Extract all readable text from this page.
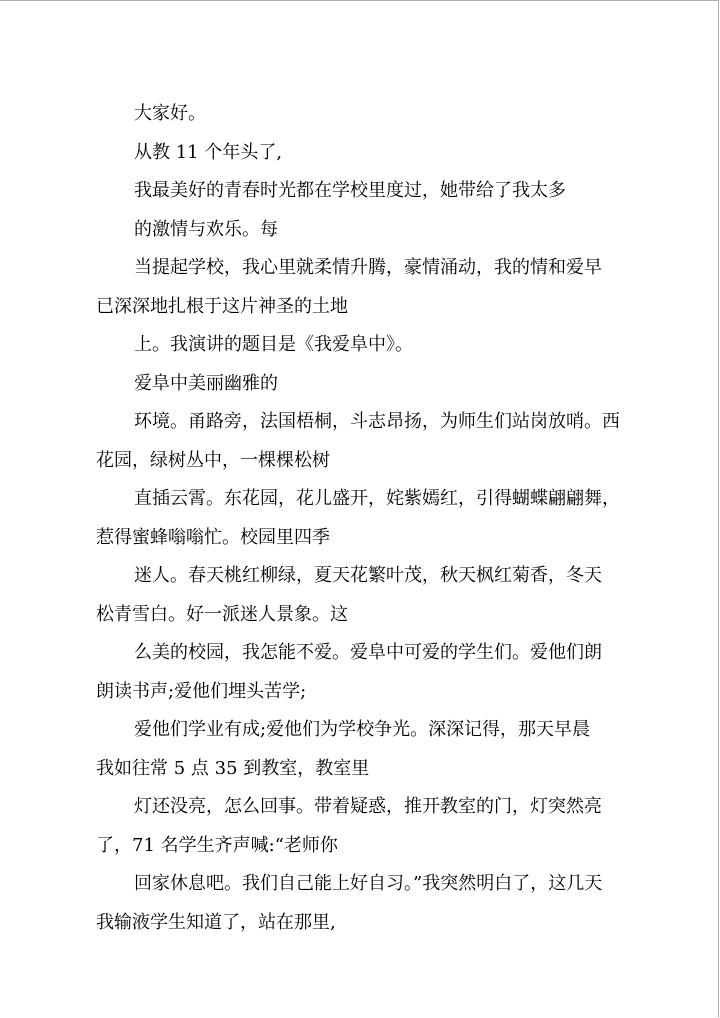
大家好。
从教 11 个年头了,
我最美好的青春时光都在学校里度过，她带给了我太多
的激情与欢乐。每
当提起学校，我心里就柔情升腾，豪情涌动，我的情和爱早
已深深地扎根于这片神圣的土地
上。我演讲的题目是《我爱阜中》。
爱阜中美丽幽雅的
环境。甬路旁，法国梧桐，斗志昂扬，为师生们站岗放哨。西
花园，绿树丛中，一棵棵松树
直插云霄。东花园，花儿盛开，姹紫嫣红，引得蝴蝶翩翩舞，
惹得蜜蜂嗡嗡忙。校园里四季
迷人。春天桃红柳绿，夏天花繁叶茂，秋天枫红菊香，冬天
松青雪白。好一派迷人景象。这
么美的校园，我怎能不爱。爱阜中可爱的学生们。爱他们朗
朗读书声;爱他们埋头苦学;
爱他们学业有成;爱他们为学校争光。深深记得，那天早晨
我如往常 5 点 35 到教室，教室里
灯还没亮，怎么回事。带着疑惑，推开教室的门，灯突然亮
了，71 名学生齐声喊:“老师你
回家休息吧。我们自己能上好自习。”我突然明白了，这几天
我输液学生知道了，站在那里,
